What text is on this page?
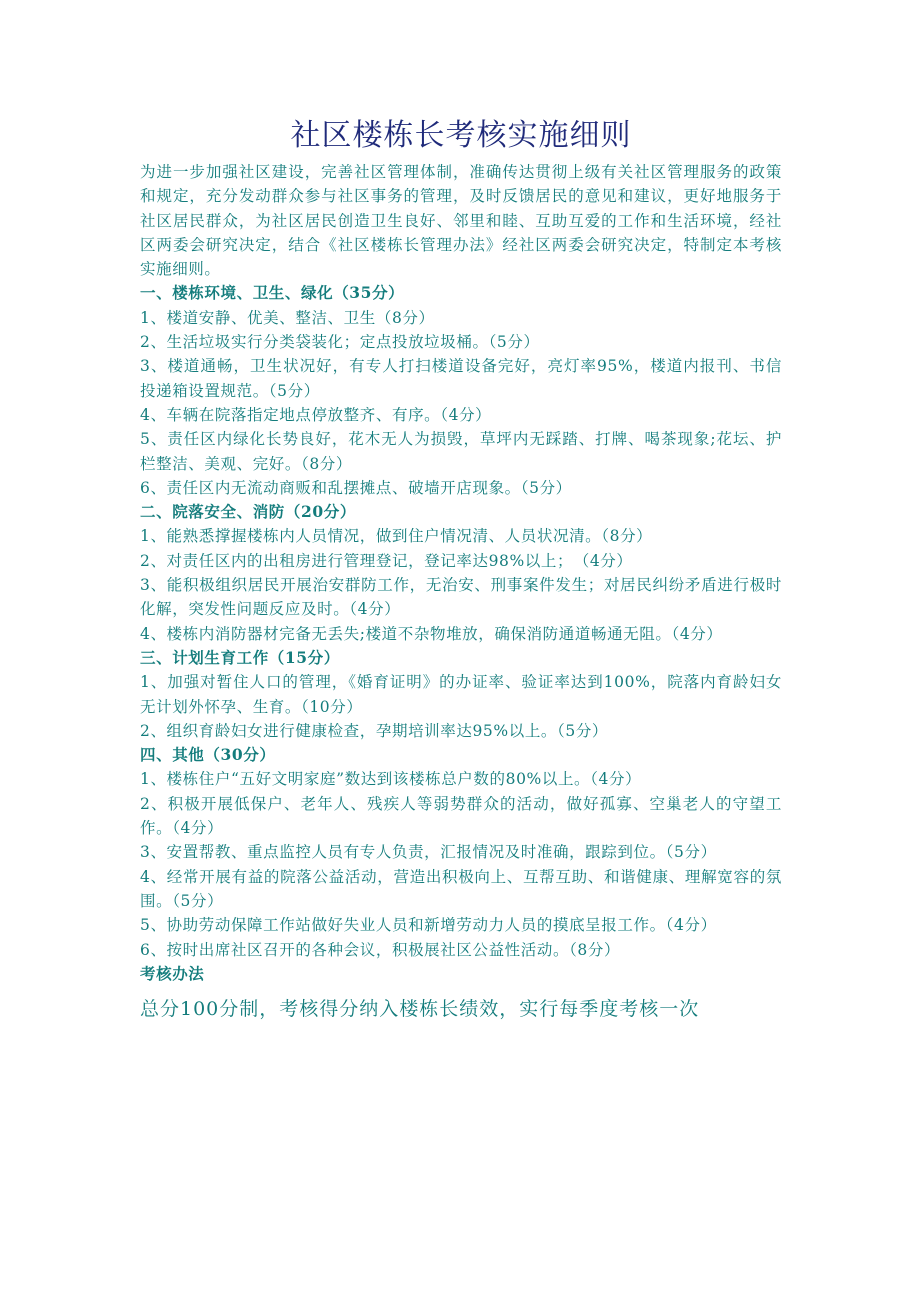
社区楼栋长考核实施细则

为进一步加强社区建设，完善社区管理体制，准确传达贯彻上级有关社区管理服务的政策和规定，充分发动群众参与社区事务的管理，及时反馈居民的意见和建议，更好地服务于社区居民群众，为社区居民创造卫生良好、邻里和睦、互助互爱的工作和生活环境，经社区两委会研究决定，结合《社区楼栋长管理办法》经社区两委会研究决定，特制定本考核实施细则。

一、楼栋环境、卫生、绿化（35分）

1、楼道安静、优美、整洁、卫生（8分）

2、生活垃圾实行分类袋装化；定点投放垃圾桶。（5分）

3、楼道通畅，卫生状况好，有专人打扫楼道设备完好，亮灯率95%，楼道内报刊、书信投递箱设置规范。（5分）

4、车辆在院落指定地点停放整齐、有序。（4分）

5、责任区内绿化长势良好，花木无人为损毁，草坪内无踩踏、打牌、喝茶现象;花坛、护栏整洁、美观、完好。（8分）

6、责任区内无流动商贩和乱摆摊点、破墙开店现象。（5分）

二、院落安全、消防（20分）

1、能熟悉撑握楼栋内人员情况，做到住户情况清、人员状况清。（8分）

2、对责任区内的出租房进行管理登记，登记率达98%以上；　（4分）

3、能积极组织居民开展治安群防工作，无治安、刑事案件发生；对居民纠纷矛盾进行极时化解，突发性问题反应及时。（4分）

4、楼栋内消防器材完备无丢失;楼道不杂物堆放，确保消防通道畅通无阻。（4分）

三、计划生育工作（15分）

1、加强对暂住人口的管理，《婚育证明》的办证率、验证率达到100%，院落内育龄妇女无计划外怀孕、生育。（10分）

2、组织育龄妇女进行健康检查，孕期培训率达95%以上。（5分）

四、其他（30分）

1、楼栋住户“五好文明家庭”数达到该楼栋总户数的80%以上。（4分）

2、积极开展低保户、老年人、残疾人等弱势群众的活动，做好孤寡、空巢老人的守望工作。（4分）

3、安置帮教、重点监控人员有专人负责，汇报情况及时准确，跟踪到位。（5分）

4、经常开展有益的院落公益活动，营造出积极向上、互帮互助、和谐健康、理解宽容的氛围。（5分）

5、协助劳动保障工作站做好失业人员和新增劳动力人员的摸底呈报工作。（4分）

6、按时出席社区召开的各种会议，积极展社区公益性活动。（8分）

考核办法

总分100分制，考核得分纳入楼栋长绩效，实行每季度考核一次
